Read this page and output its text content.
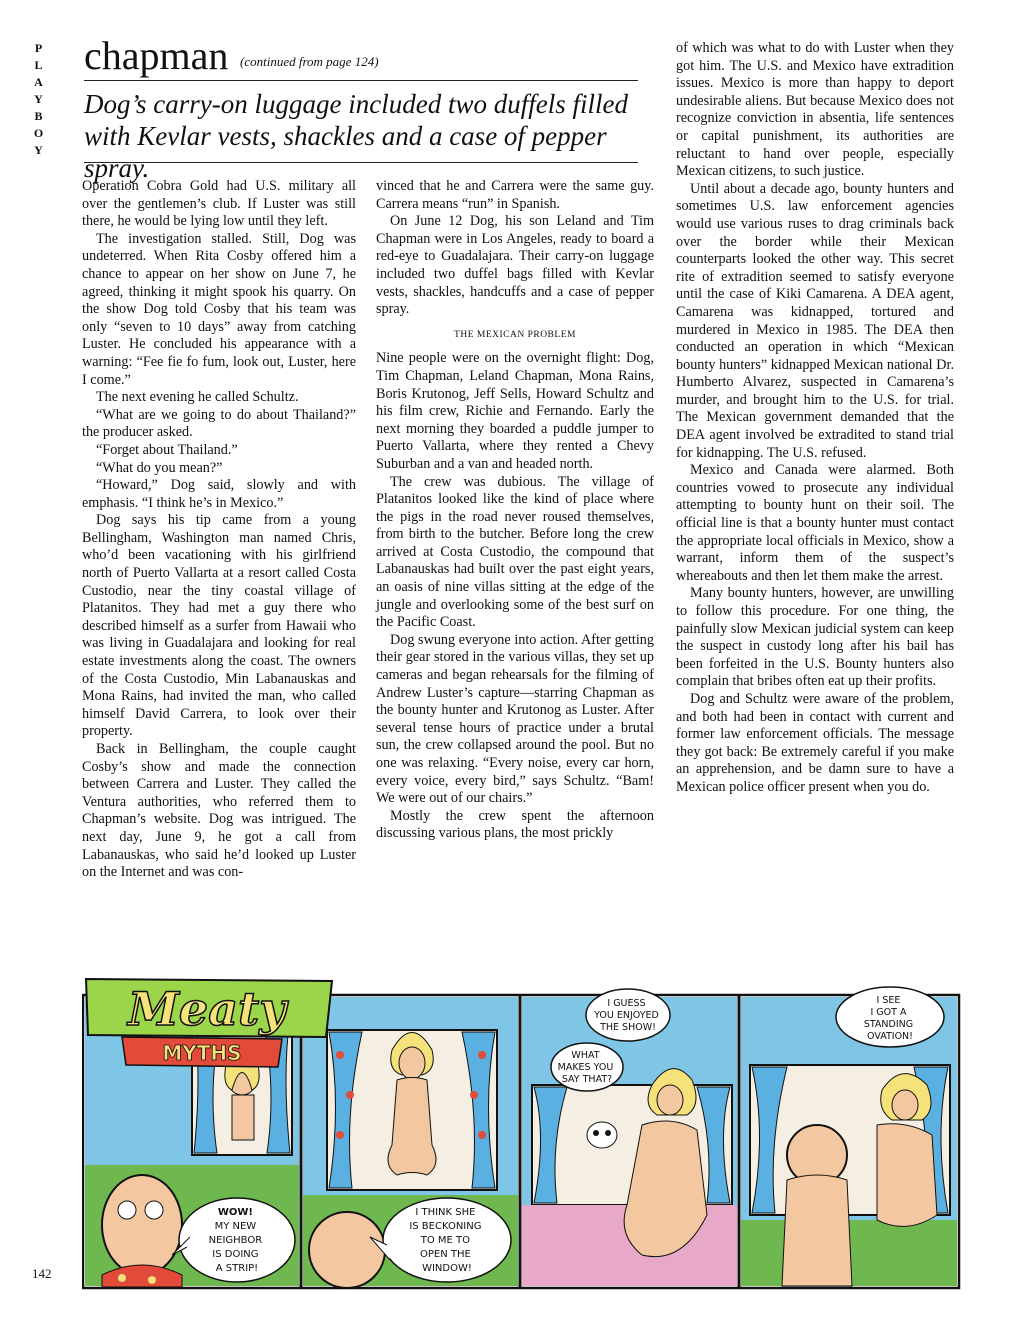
P
L
A
Y
B
O
Y
chapman (continued from page 124)
Dog’s carry-on luggage included two duffels filled with Kevlar vests, shackles and a case of pepper spray.

Operation Cobra Gold had U.S. military all over the gentlemen’s club. If Luster was still there, he would be lying low until they left.

The investigation stalled. Still, Dog was undeterred. When Rita Cosby offered him a chance to appear on her show on June 7, he agreed, thinking it might spook his quarry. On the show Dog told Cosby that his team was only “seven to 10 days” away from catching Luster. He concluded his appearance with a warning: “Fee fie fo fum, look out, Luster, here I come.”

The next evening he called Schultz.

“What are we going to do about Thailand?” the producer asked.

“Forget about Thailand.”

“What do you mean?”

“Howard,” Dog said, slowly and with emphasis. “I think he’s in Mexico.”

Dog says his tip came from a young Bellingham, Washington man named Chris, who’d been vacationing with his girlfriend north of Puerto Vallarta at a resort called Costa Custodio, near the tiny coastal village of Platanitos. They had met a guy there who described himself as a surfer from Hawaii who was living in Guadalajara and looking for real estate investments along the coast. The owners of the Costa Custodio, Min Labanauskas and Mona Rains, had invited the man, who called himself David Carrera, to look over their property.

Back in Bellingham, the couple caught Cosby’s show and made the connection between Carrera and Luster. They called the Ventura authorities, who referred them to Chapman’s website. Dog was intrigued. The next day, June 9, he got a call from Labanauskas, who said he’d looked up Luster on the Internet and was con-

vinced that he and Carrera were the same guy. Carrera means “run” in Spanish.

On June 12 Dog, his son Leland and Tim Chapman were in Los Angeles, ready to board a red-eye to Guadalajara. Their carry-on luggage included two duffel bags filled with Kevlar vests, shackles, handcuffs and a case of pepper spray.

THE MEXICAN PROBLEM

Nine people were on the overnight flight: Dog, Tim Chapman, Leland Chapman, Mona Rains, Boris Krutonog, Jeff Sells, Howard Schultz and his film crew, Richie and Fernando. Early the next morning they boarded a puddle jumper to Puerto Vallarta, where they rented a Chevy Suburban and a van and headed north.

The crew was dubious. The village of Platanitos looked like the kind of place where the pigs in the road never roused themselves, from birth to the butcher. Before long the crew arrived at Costa Custodio, the compound that Labanauskas had built over the past eight years, an oasis of nine villas sitting at the edge of the jungle and overlooking some of the best surf on the Pacific Coast.

Dog swung everyone into action. After getting their gear stored in the various villas, they set up cameras and began rehearsals for the filming of Andrew Luster’s capture—starring Chapman as the bounty hunter and Krutonog as Luster. After several tense hours of practice under a brutal sun, the crew collapsed around the pool. But no one was relaxing. “Every noise, every car horn, every voice, every bird,” says Schultz. “Bam! We were out of our chairs.”

Mostly the crew spent the afternoon discussing various plans, the most prickly

of which was what to do with Luster when they got him. The U.S. and Mexico have extradition issues. Mexico is more than happy to deport undesirable aliens. But because Mexico does not recognize conviction in absentia, life sentences or capital punishment, its authorities are reluctant to hand over people, especially Mexican citizens, to such justice.

Until about a decade ago, bounty hunters and sometimes U.S. law enforcement agencies would use various ruses to drag criminals back over the border while their Mexican counterparts looked the other way. This secret rite of extradition seemed to satisfy everyone until the case of Kiki Camarena. A DEA agent, Camarena was kidnapped, tortured and murdered in Mexico in 1985. The DEA then conducted an operation in which “Mexican bounty hunters” kidnapped Mexican national Dr. Humberto Alvarez, suspected in Camarena’s murder, and brought him to the U.S. for trial. The Mexican government demanded that the DEA agent involved be extradited to stand trial for kidnapping. The U.S. refused.

Mexico and Canada were alarmed. Both countries vowed to prosecute any individual attempting to bounty hunt on their soil. The official line is that a bounty hunter must contact the appropriate local officials in Mexico, show a warrant, inform them of the suspect’s whereabouts and then let them make the arrest.

Many bounty hunters, however, are unwilling to follow this procedure. For one thing, the painfully slow Mexican judicial system can keep the suspect in custody long after his bail has been forfeited in the U.S. Bounty hunters also complain that bribes often eat up their profits.

Dog and Schultz were aware of the problem, and both had been in contact with current and former law enforcement officials. The message they got back: Be extremely careful if you make an apprehension, and be damn sure to have a Mexican police officer present when you do.

WOW! MY NEW NEIGHBOR IS DOING A STRIP!
I THINK SHE IS BECKONING TO ME TO OPEN THE WINDOW!
I GUESS YOU ENJOYED THE SHOW!
WHAT MAKES YOU SAY THAT?
I SEE I GOT A STANDING OVATION!
Meaty
MYTHS
142
